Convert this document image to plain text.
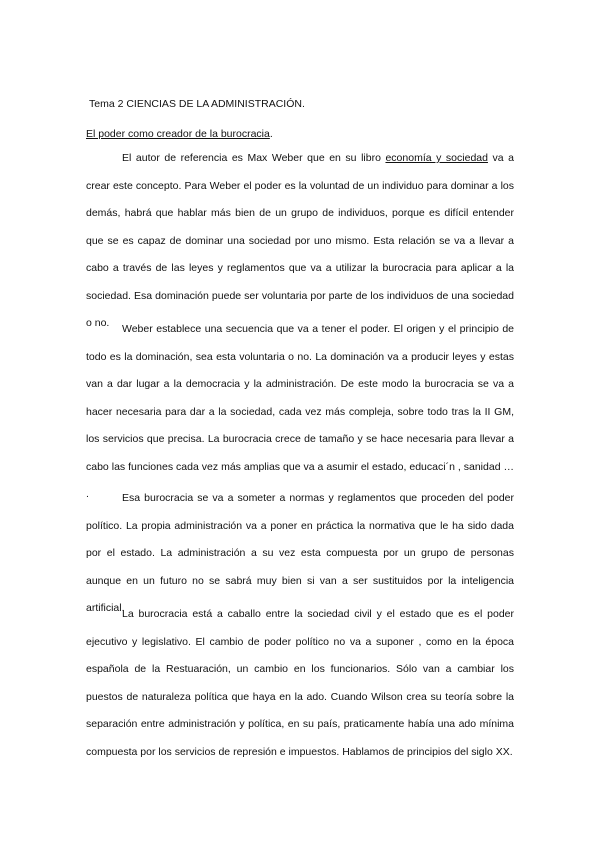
Tema 2 CIENCIAS DE LA ADMINISTRACIÓN.
El poder como creador de la burocracia.

El autor de referencia es Max Weber que en su libro economía y sociedad va a crear este concepto. Para Weber el poder es la voluntad de un individuo para dominar a los demás, habrá que hablar más bien de un grupo de individuos, porque es difícil entender que se es capaz de dominar una sociedad por uno mismo. Esta relación se va a llevar a cabo a través de las leyes y reglamentos que va a utilizar la burocracia para aplicar a la sociedad. Esa dominación puede ser voluntaria por parte de los individuos de una sociedad o no.	Weber establece una secuencia que va a tener el poder. El origen y el principio de todo es la dominación, sea esta voluntaria o no. La dominación va a producir leyes y estas van a dar lugar a la democracia y la administración. De este modo la burocracia se va a hacer necesaria para dar a la sociedad, cada vez más compleja, sobre todo tras la II GM, los servicios que precisa. La burocracia crece de tamaño y se hace necesaria para llevar a cabo las funciones cada vez más amplias que va a asumir el estado, educaci´n , sanidad … .	Esa burocracia se va a someter a normas y reglamentos que proceden del poder político. La propia administración va a poner en práctica la normativa que le ha sido dada por el estado. La administración a su vez esta compuesta por un grupo de personas aunque en un futuro no se sabrá muy bien si van a ser sustituidos por la inteligencia artificial.

La burocracia está a caballo entre la sociedad civil y el estado que es el poder ejecutivo y legislativo. El cambio de poder político no va a suponer , como en la época española de la Restuaración, un cambio en los funcionarios. Sólo van a cambiar los puestos de naturaleza política que haya en la ado. Cuando Wilson crea su teoría sobre la separación entre administración y política, en su país, praticamente había una ado mínima compuesta por los servicios de represión e impuestos. Hablamos de principios del siglo XX.
